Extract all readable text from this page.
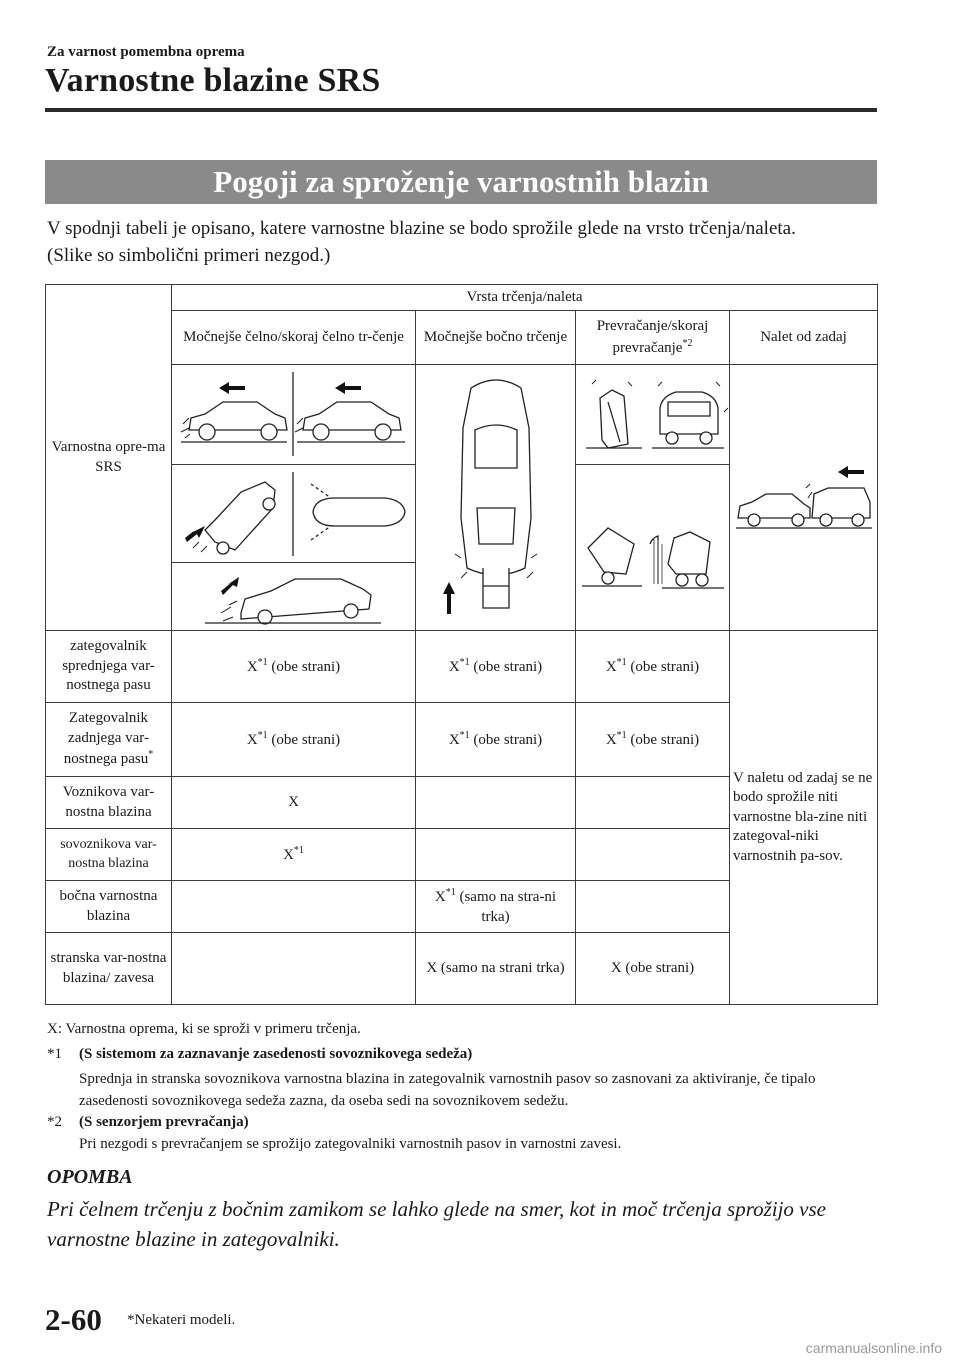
Za varnost pomembna oprema
Varnostne blazine SRS
Pogoji za sproženje varnostnih blazin
V spodnji tabeli je opisano, katere varnostne blazine se bodo sprožile glede na vrsto trčenja/naleta.
(Slike so simbolični primeri nezgod.)
Varnostna opre-ma SRS	Vrsta trčenja/naleta			
	Močnejše čelno/skoraj čelno tr-čenje	Močnejše bočno trčenje	Prevračanje/skoraj prevračanje$^{*2}$	Nalet od zadaj

zategovalnik sprednjega var-nostnega pasu	$X^{*1}$ (obe strani)	$X^{*1}$ (obe strani)	$X^{*1}$ (obe strani)	V naletu od zadaj se ne bodo sprožile niti varnostne bla-zine niti zategoval-niki varnostnih pa-sov.
Zategovalnik zadnjega var-nostnega pasu*	$X^{*1}$ (obe strani)	$X^{*1}$ (obe strani)	$X^{*1}$ (obe strani)	
Voznikova var-nostna blazina	X			
sovoznikova var-nostna blazina	$X^{*1}$		
bočna varnostna blazina		$X^{*1}$ (samo na stra-ni trka)		
stranska var-nostna blazina/ zavesa		X (samo na strani trka)	X (obe strani)	
X: Varnostna oprema, ki se sproži v primeru trčenja.
*1 (S sistemom za zaznavanje zasedenosti sovoznikovega sedeža)
Sprednja in stranska sovoznikova varnostna blazina in zategovalnik varnostnih pasov so zasnovani za aktiviranje, če tipalo zasedenosti sovoznikovega sedeža zazna, da oseba sedi na sovoznikovem sedežu.
*2 (S senzorjem prevračanja)
Pri nezgodi s prevračanjem se sprožijo zategovalniki varnostnih pasov in varnostni zavesi.
OPOMBA
Pri čelnem trčenju z bočnim zamikom se lahko glede na smer, kot in moč trčenja sprožijo vse varnostne blazine in zategovalniki.
2-60 *Nekateri modeli.
carmanualsonline.info
